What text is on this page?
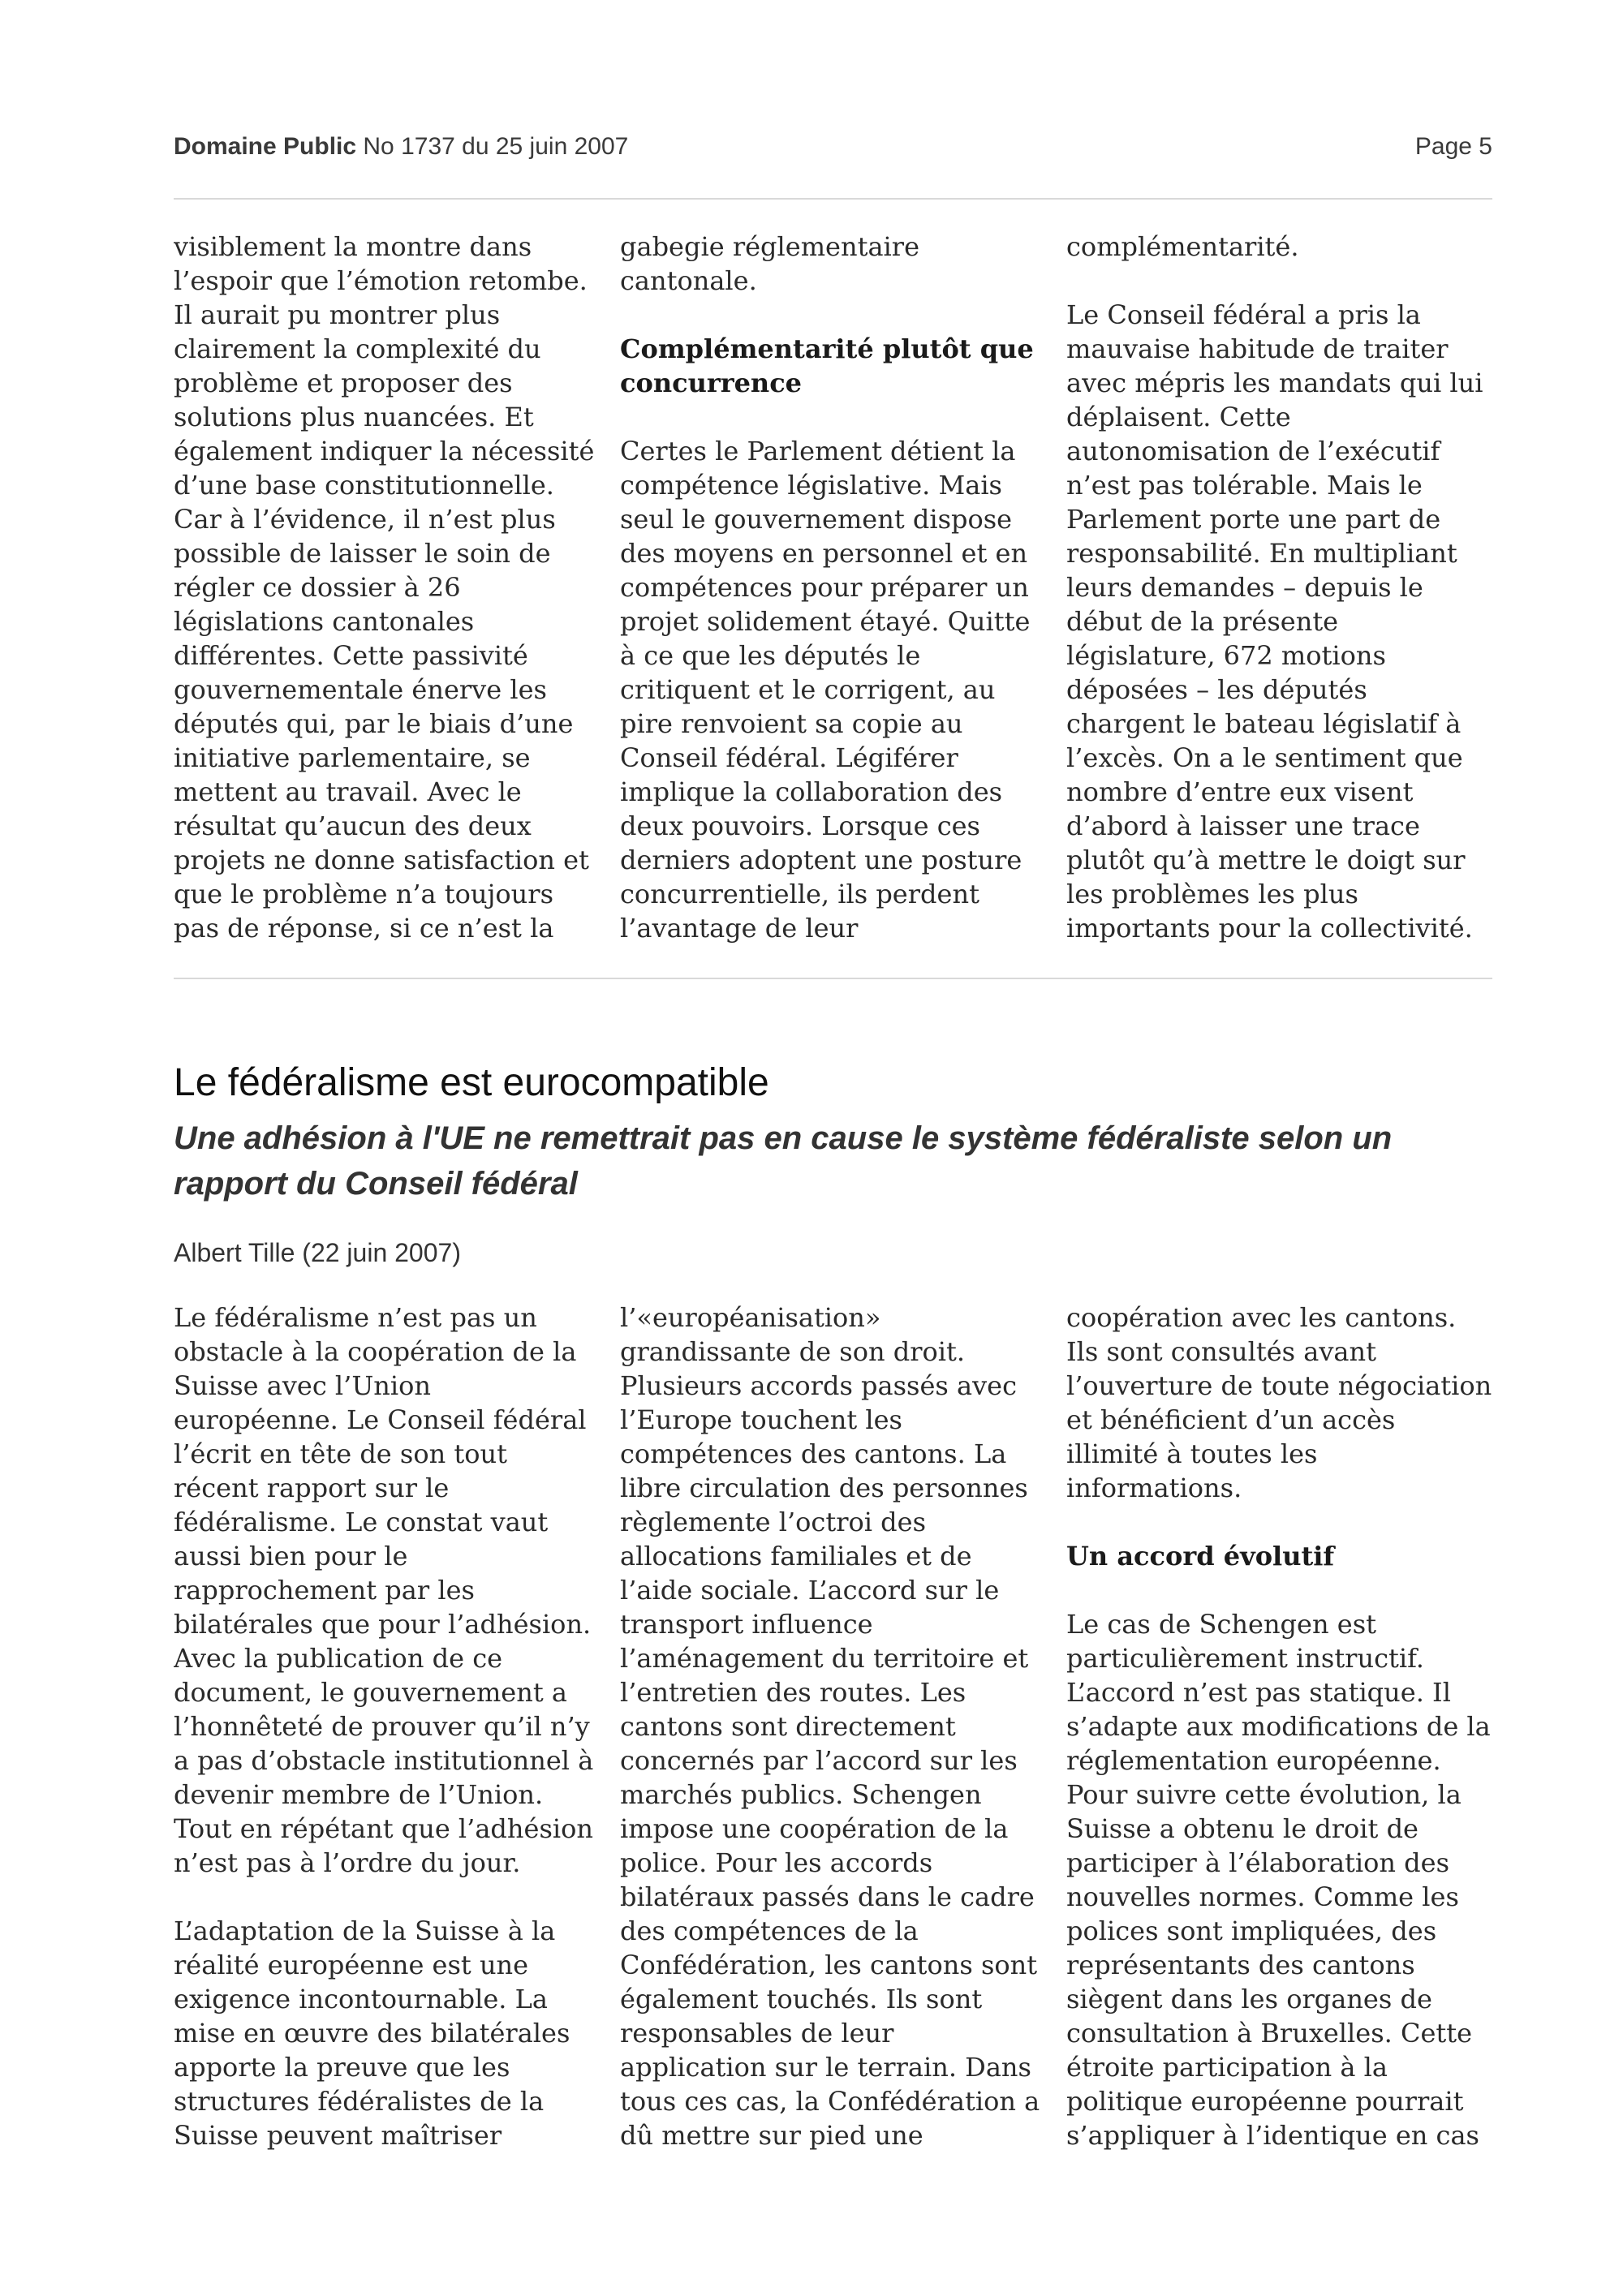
Domaine Public No 1737 du 25 juin 2007	Page 5

visiblement la montre dans l’espoir que l’émotion retombe. Il aurait pu montrer plus clairement la complexité du problème et proposer des solutions plus nuancées. Et également indiquer la nécessité d’une base constitutionnelle. Car à l’évidence, il n’est plus possible de laisser le soin de régler ce dossier à 26 législations cantonales différentes. Cette passivité gouvernementale énerve les députés qui, par le biais d’une initiative parlementaire, se mettent au travail. Avec le résultat qu’aucun des deux projets ne donne satisfaction et que le problème n’a toujours pas de réponse, si ce n’est la

gabegie réglementaire cantonale.

Complémentarité plutôt que concurrence

Certes le Parlement détient la compétence législative. Mais seul le gouvernement dispose des moyens en personnel et en compétences pour préparer un projet solidement étayé. Quitte à ce que les députés le critiquent et le corrigent, au pire renvoient sa copie au Conseil fédéral. Légiférer implique la collaboration des deux pouvoirs. Lorsque ces derniers adoptent une posture concurrentielle, ils perdent l’avantage de leur

complémentarité.

Le Conseil fédéral a pris la mauvaise habitude de traiter avec mépris les mandats qui lui déplaisent. Cette autonomisation de l’exécutif n’est pas tolérable. Mais le Parlement porte une part de responsabilité. En multipliant leurs demandes – depuis le début de la présente législature, 672 motions déposées – les députés chargent le bateau législatif à l’excès. On a le sentiment que nombre d’entre eux visent d’abord à laisser une trace plutôt qu’à mettre le doigt sur les problèmes les plus importants pour la collectivité.

Le fédéralisme est eurocompatible
Une adhésion à l'UE ne remettrait pas en cause le système fédéraliste selon un rapport du Conseil fédéral
Albert Tille (22 juin 2007)

Le fédéralisme n’est pas un obstacle à la coopération de la Suisse avec l’Union européenne. Le Conseil fédéral l’écrit en tête de son tout récent rapport sur le fédéralisme. Le constat vaut aussi bien pour le rapprochement par les bilatérales que pour l’adhésion. Avec la publication de ce document, le gouvernement a l’honnêteté de prouver qu’il n’y a pas d’obstacle institutionnel à devenir membre de l’Union. Tout en répétant que l’adhésion n’est pas à l’ordre du jour.

L’adaptation de la Suisse à la réalité européenne est une exigence incontournable. La mise en œuvre des bilatérales apporte la preuve que les structures fédéralistes de la Suisse peuvent maîtriser

l’«européanisation» grandissante de son droit. Plusieurs accords passés avec l’Europe touchent les compétences des cantons. La libre circulation des personnes règlemente l’octroi des allocations familiales et de l’aide sociale. L’accord sur le transport influence l’aménagement du territoire et l’entretien des routes. Les cantons sont directement concernés par l’accord sur les marchés publics. Schengen impose une coopération de la police. Pour les accords bilatéraux passés dans le cadre des compétences de la Confédération, les cantons sont également touchés. Ils sont responsables de leur application sur le terrain. Dans tous ces cas, la Confédération a dû mettre sur pied une

coopération avec les cantons. Ils sont consultés avant l’ouverture de toute négociation et bénéficient d’un accès illimité à toutes les informations.

Un accord évolutif

Le cas de Schengen est particulièrement instructif. L’accord n’est pas statique. Il s’adapte aux modifications de la réglementation européenne. Pour suivre cette évolution, la Suisse a obtenu le droit de participer à l’élaboration des nouvelles normes. Comme les polices sont impliquées, des représentants des cantons siègent dans les organes de consultation à Bruxelles. Cette étroite participation à la politique européenne pourrait s’appliquer à l’identique en cas
